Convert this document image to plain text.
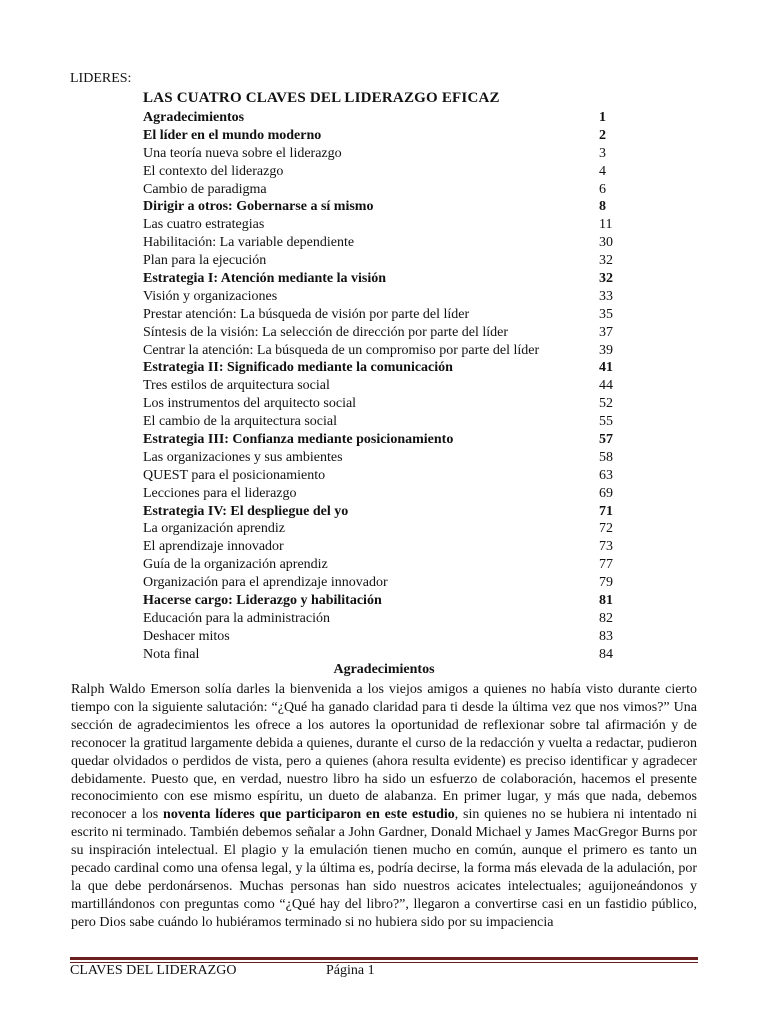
LIDERES:
LAS CUATRO CLAVES DEL LIDERAZGO EFICAZ
Agradecimientos	1
El líder en el mundo moderno	2
Una teoría nueva sobre el liderazgo	3
El contexto del liderazgo	4
Cambio de paradigma	6
Dirigir a otros: Gobernarse a sí mismo	8
Las cuatro estrategias	11
Habilitación: La variable dependiente	30
Plan para la ejecución	32
Estrategia I: Atención mediante la visión	32
Visión y organizaciones	33
Prestar atención: La búsqueda de visión por parte del líder	35
Síntesis de la visión: La selección de dirección por parte del líder	37
Centrar la atención: La búsqueda de un compromiso por parte del líder	39
Estrategia II: Significado mediante la comunicación	41
Tres estilos de arquitectura social	44
Los instrumentos del arquitecto social	52
El cambio de la arquitectura social	55
Estrategia III: Confianza mediante posicionamiento	57
Las organizaciones y sus ambientes	58
QUEST para el posicionamiento	63
Lecciones para el liderazgo	69
Estrategia IV: El despliegue del yo	71
La organización aprendiz	72
El aprendizaje innovador	73
Guía de la organización aprendiz	77
Organización para el aprendizaje innovador	79
Hacerse cargo: Liderazgo y habilitación	81
Educación para la administración	82
Deshacer mitos	83
Nota final	84
Agradecimientos

Ralph Waldo Emerson solía darles la bienvenida a los viejos amigos a quienes no había visto durante cierto tiempo con la siguiente salutación: “¿Qué ha ganado claridad para ti desde la última vez que nos vimos?” Una sección de agradecimientos les ofrece a los autores la oportunidad de reflexionar sobre tal afirmación y de reconocer la gratitud largamente debida a quienes, durante el curso de la redacción y vuelta a redactar, pudieron quedar olvidados o perdidos de vista, pero a quienes (ahora resulta evidente) es preciso identificar y agradecer debidamente. Puesto que, en verdad, nuestro libro ha sido un esfuerzo de colaboración, hacemos el presente reconocimiento con ese mismo espíritu, un dueto de alabanza. En primer lugar, y más que nada, debemos reconocer a los noventa líderes que participaron en este estudio, sin quienes no se hubiera ni intentado ni escrito ni terminado. También debemos señalar a John Gardner, Donald Michael y James MacGregor Burns por su inspiración intelectual. El plagio y la emulación tienen mucho en común, aunque el primero es tanto un pecado cardinal como una ofensa legal, y la última es, podría decirse, la forma más elevada de la adulación, por la que debe perdonársenos. Muchas personas han sido nuestros acicates intelectuales; aguijoneándonos y martillándonos con preguntas como “¿Qué hay del libro?”, llegaron a convertirse casi en un fastidio público, pero Dios sabe cuándo lo hubiéramos terminado si no hubiera sido por su impaciencia

CLAVES DEL LIDERAZGO	Página 1
